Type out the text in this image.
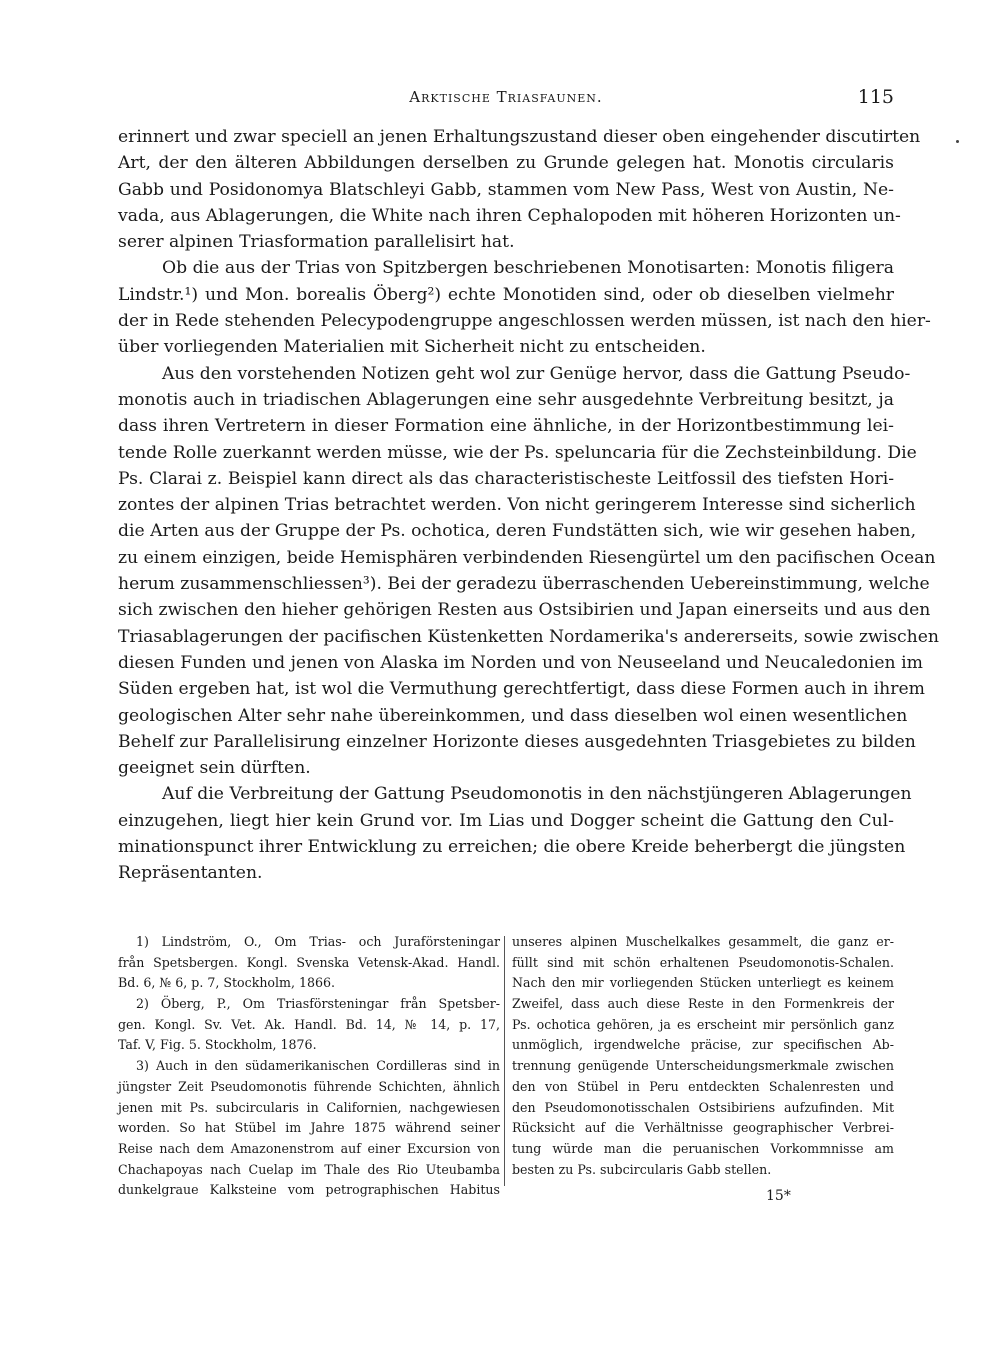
Arktische Triasfaunen.	115
erinnert und zwar speciell an jenen Erhaltungszustand dieser oben eingehender discutirten
Art, der den älteren Abbildungen derselben zu Grunde gelegen hat. Monotis circularis
Gabb und Posidonomya Blatschleyi Gabb, stammen vom New Pass, West von Austin, Ne-
vada, aus Ablagerungen, die White nach ihren Cephalopoden mit höheren Horizonten un-
serer alpinen Triasformation parallelisirt hat.
Ob die aus der Trias von Spitzbergen beschriebenen Monotisarten: Monotis filigera
Lindstr.¹) und Mon. borealis Öberg²) echte Monotiden sind, oder ob dieselben vielmehr
der in Rede stehenden Pelecypodengruppe angeschlossen werden müssen, ist nach den hier-
über vorliegenden Materialien mit Sicherheit nicht zu entscheiden.
Aus den vorstehenden Notizen geht wol zur Genüge hervor, dass die Gattung Pseudo-
monotis auch in triadischen Ablagerungen eine sehr ausgedehnte Verbreitung besitzt, ja
dass ihren Vertretern in dieser Formation eine ähnliche, in der Horizontbestimmung lei-
tende Rolle zuerkannt werden müsse, wie der Ps. speluncaria für die Zechsteinbildung. Die
Ps. Clarai z. Beispiel kann direct als das characteristischeste Leitfossil des tiefsten Hori-
zontes der alpinen Trias betrachtet werden. Von nicht geringerem Interesse sind sicherlich
die Arten aus der Gruppe der Ps. ochotica, deren Fundstätten sich, wie wir gesehen haben,
zu einem einzigen, beide Hemisphären verbindenden Riesengürtel um den pacifischen Ocean
herum zusammenschliessen³). Bei der geradezu überraschenden Uebereinstimmung, welche
sich zwischen den hieher gehörigen Resten aus Ostsibirien und Japan einerseits und aus den
Triasablagerungen der pacifischen Küstenketten Nordamerika's andererseits, sowie zwischen
diesen Funden und jenen von Alaska im Norden und von Neuseeland und Neucaledonien im
Süden ergeben hat, ist wol die Vermuthung gerechtfertigt, dass diese Formen auch in ihrem
geologischen Alter sehr nahe übereinkommen, und dass dieselben wol einen wesentlichen
Behelf zur Parallelisirung einzelner Horizonte dieses ausgedehnten Triasgebietes zu bilden
geeignet sein dürften.
Auf die Verbreitung der Gattung Pseudomonotis in den nächstjüngeren Ablagerungen
einzugehen, liegt hier kein Grund vor. Im Lias und Dogger scheint die Gattung den Cul-
minationspunct ihrer Entwicklung zu erreichen; die obere Kreide beherbergt die jüngsten
Repräsentanten.
1) Lindström, O., Om Trias- och Juraförsteningar
från Spetsbergen. Kongl. Svenska Vetensk-Akad. Handl.
Bd. 6, № 6, p. 7, Stockholm, 1866.
2) Öberg, P., Om Triasförsteningar från Spetsber-
gen. Kongl. Sv. Vet. Ak. Handl. Bd. 14, № 14, p. 17,
Taf. V, Fig. 5. Stockholm, 1876.
3) Auch in den südamerikanischen Cordilleras sind in
jüngster Zeit Pseudomonotis führende Schichten, ähnlich
jenen mit Ps. subcircularis in Californien, nachgewiesen
worden. So hat Stübel im Jahre 1875 während seiner
Reise nach dem Amazonenstrom auf einer Excursion von
Chachapoyas nach Cuelap im Thale des Rio Uteubamba
dunkelgraue Kalksteine vom petrographischen Habitus
unseres alpinen Muschelkalkes gesammelt, die ganz er-
füllt sind mit schön erhaltenen Pseudomonotis-Schalen.
Nach den mir vorliegenden Stücken unterliegt es keinem
Zweifel, dass auch diese Reste in den Formenkreis der
Ps. ochotica gehören, ja es erscheint mir persönlich ganz
unmöglich, irgendwelche präcise, zur specifischen Ab-
trennung genügende Unterscheidungsmerkmale zwischen
den von Stübel in Peru entdeckten Schalenresten und
den Pseudomonotisschalen Ostsibiriens aufzufinden. Mit
Rücksicht auf die Verhältnisse geographischer Verbrei-
tung würde man die peruanischen Vorkommnisse am
besten zu Ps. subcircularis Gabb stellen.
15*
